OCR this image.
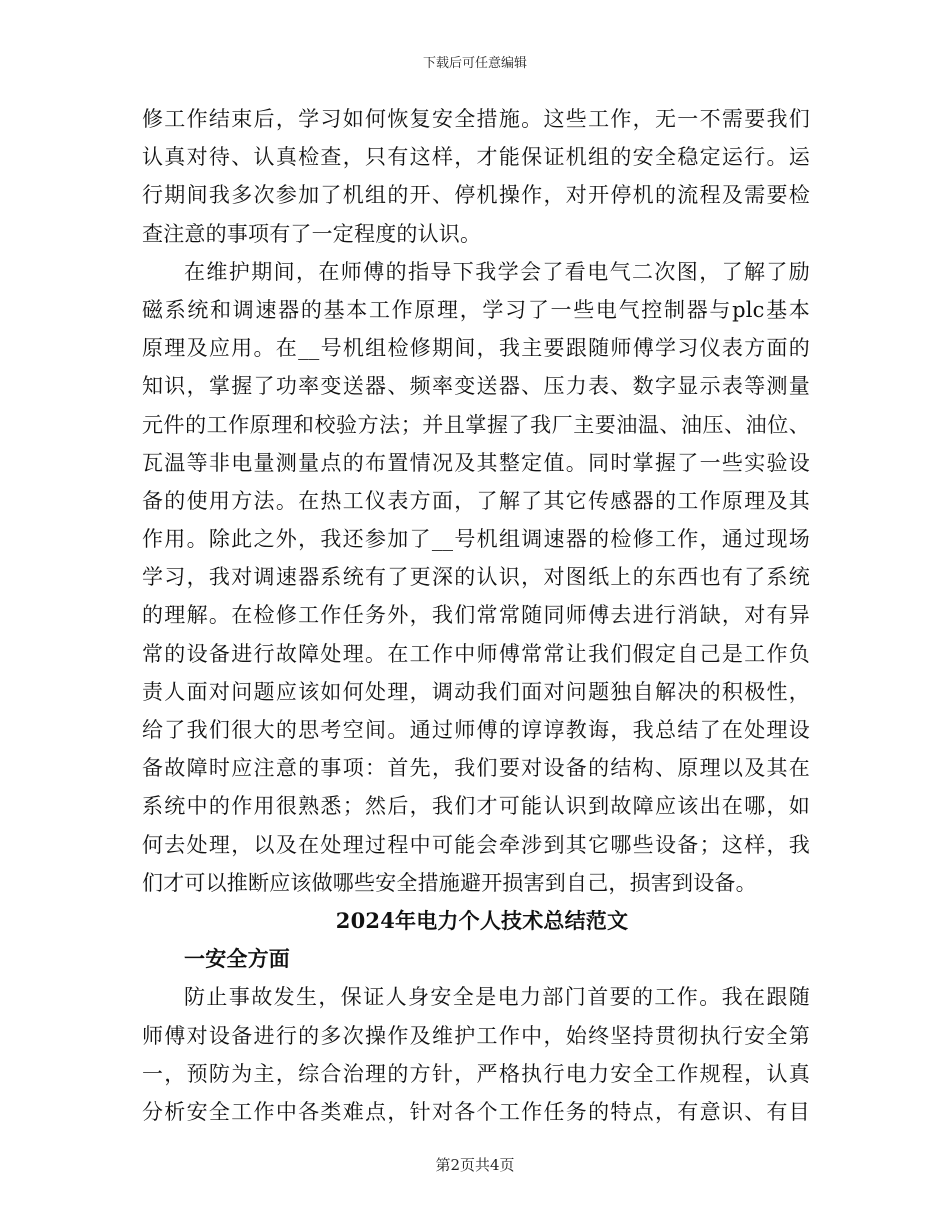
下载后可任意编辑
修工作结束后，学习如何恢复安全措施。这些工作，无一不需要我们
认真对待、认真检查，只有这样，才能保证机组的安全稳定运行。运
行期间我多次参加了机组的开、停机操作，对开停机的流程及需要检
查注意的事项有了一定程度的认识。
在维护期间，在师傅的指导下我学会了看电气二次图，了解了励
磁系统和调速器的基本工作原理，学习了一些电气控制器与plc基本
原理及应用。在__号机组检修期间，我主要跟随师傅学习仪表方面的
知识，掌握了功率变送器、频率变送器、压力表、数字显示表等测量
元件的工作原理和校验方法；并且掌握了我厂主要油温、油压、油位、
瓦温等非电量测量点的布置情况及其整定值。同时掌握了一些实验设
备的使用方法。在热工仪表方面，了解了其它传感器的工作原理及其
作用。除此之外，我还参加了__号机组调速器的检修工作，通过现场
学习，我对调速器系统有了更深的认识，对图纸上的东西也有了系统
的理解。在检修工作任务外，我们常常随同师傅去进行消缺，对有异
常的设备进行故障处理。在工作中师傅常常让我们假定自己是工作负
责人面对问题应该如何处理，调动我们面对问题独自解决的积极性，
给了我们很大的思考空间。通过师傅的谆谆教诲，我总结了在处理设
备故障时应注意的事项：首先，我们要对设备的结构、原理以及其在
系统中的作用很熟悉；然后，我们才可能认识到故障应该出在哪，如
何去处理，以及在处理过程中可能会牵涉到其它哪些设备；这样，我
们才可以推断应该做哪些安全措施避开损害到自己，损害到设备。
2024年电力个人技术总结范文
一安全方面
防止事故发生，保证人身安全是电力部门首要的工作。我在跟随
师傅对设备进行的多次操作及维护工作中，始终坚持贯彻执行安全第
一，预防为主，综合治理的方针，严格执行电力安全工作规程，认真
分析安全工作中各类难点，针对各个工作任务的特点，有意识、有目
第2页共4页
